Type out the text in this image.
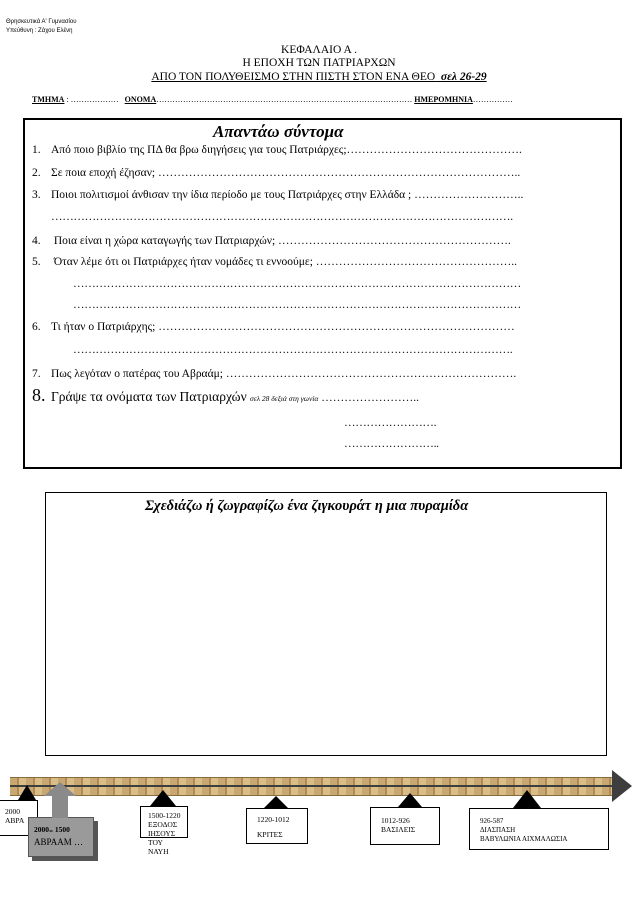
Θρησκευτικά Α' Γυμνασίου
Υπεύθυνη : Ζάχου Ελένη
ΚΕΦΑΛΑΙΟ Α .
Η ΕΠΟΧΗ ΤΩΝ ΠΑΤΡΙΑΡΧΩΝ
ΑΠΟ ΤΟΝ ΠΟΛΥΘΕΙΣΜΟ ΣΤΗΝ ΠΙΣΤΗ ΣΤΟΝ ΕΝΑ ΘΕΟ σελ 26-29
ΤΜΗΜΑ : ……………… ΟΝΟΜΑ…………………………………………………………………………………… ΗΜΕΡΟΜΗΝΙΑ……………
Απαντάω σύντομα
1. Από ποιο βιβλίο της ΠΔ θα βρω διηγήσεις για τους Πατριάρχες;……………………………………….
2. Σε ποια εποχή έζησαν; …………………………………………………………………………………..
3. Ποιοι πολιτισμοί άνθισαν την ίδια περίοδο με τους Πατριάρχες στην Ελλάδα ; ………………………..
…………………………………………………………………………………………………………….
4. Ποια είναι η χώρα καταγωγής των Πατριαρχών; …………………………………………………….
5. Όταν λέμε ότι οι Πατριάρχες ήταν νομάδες τι εννοούμε; ……………………………………………..
…………………………………………………………………………………………………………
…………………………………………………………………………………………………………
6. Τι ήταν ο Πατριάρχης; …………………………………………………………………………………
……………………………………………………………………………………………………….
7. Πως λεγόταν ο πατέρας του Αβραάμ; ………………………………………………………………….
8. Γράψε τα ονόματα των Πατριαρχών σελ 28 δεξιά στη γωνία ……………………..
…………………….
……………………..
Σχεδιάζω ή ζωγραφίζω ένα ζιγκουράτ η μια πυραμίδα
2000
ΑΒΡΑ
2000- 1500
ΑΒΡΑΑΜ …
1500-1220
ΕΞΟΔΟΣ
ΙΗΣΟΥΣ
ΤΟΥ
ΝΑΥΗ
1220-1012
ΚΡΙΤΕΣ
1012-926
ΒΑΣΙΛΕΙΣ
926-587
ΔΙΑΣΠΑΣΗ
ΒΑΒΥΛΩΝΙΑ ΑΙΧΜΑΛΩΣΙΑ
